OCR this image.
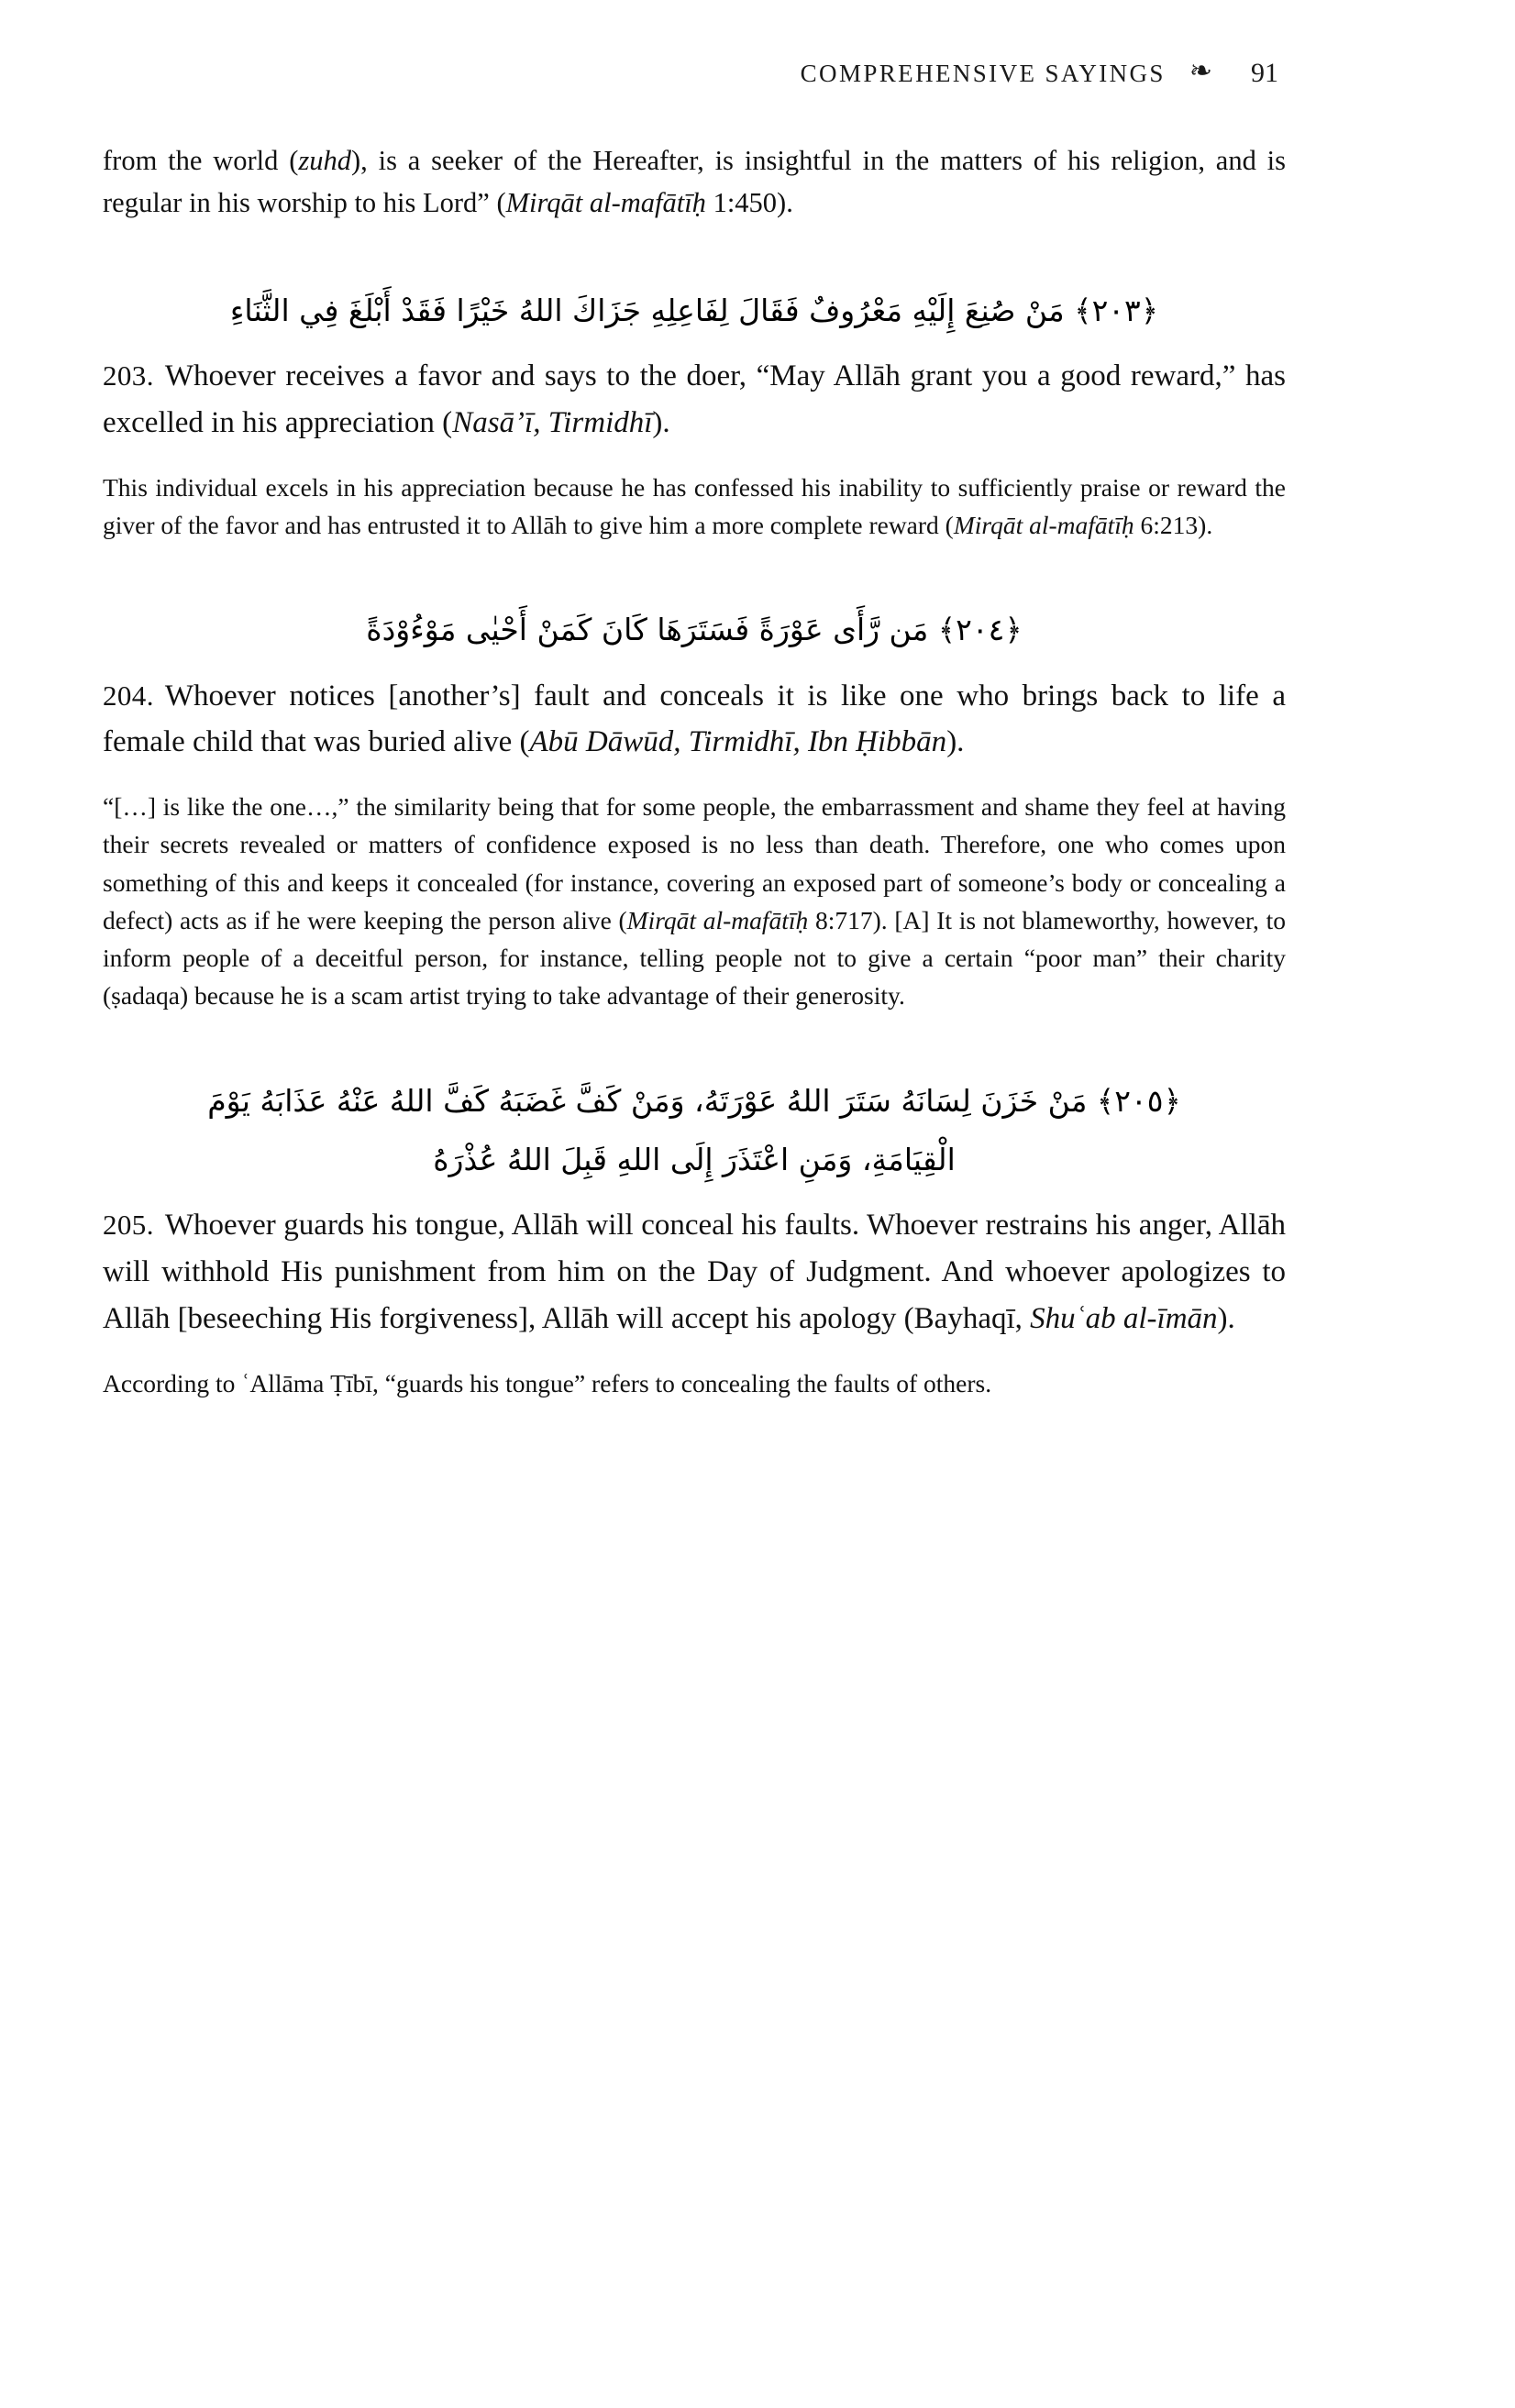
COMPREHENSIVE SAYINGS ❧	91

from the world (zuhd), is a seeker of the Hereafter, is insightful in the matters of his religion, and is regular in his worship to his Lord” (Mirqāt al-mafātīḥ 1:450).

﴿٢٠٣﴾ مَنْ صُنِعَ إِلَيْهِ مَعْرُوفٌ فَقَالَ لِفَاعِلِهِ جَزَاكَ اللهُ خَيْرًا فَقَدْ أَبْلَغَ فِي الثَّنَاءِ

203. Whoever receives a favor and says to the doer, “May Allāh grant you a good reward,” has excelled in his appreciation (Nasā’ī, Tirmidhī).

This individual excels in his appreciation because he has confessed his inability to sufficiently praise or reward the giver of the favor and has entrusted it to Allāh to give him a more complete reward (Mirqāt al-mafātīḥ 6:213).

﴿٢٠٤﴾ مَن رَّأَى عَوْرَةً فَسَتَرَهَا كَانَ كَمَنْ أَحْيٰى مَوْءُوْدَةً

204. Whoever notices [another’s] fault and conceals it is like one who brings back to life a female child that was buried alive (Abū Dāwūd, Tirmidhī, Ibn Ḥibbān).

“[…] is like the one…,” the similarity being that for some people, the embarrassment and shame they feel at having their secrets revealed or matters of confidence exposed is no less than death. Therefore, one who comes upon something of this and keeps it concealed (for instance, covering an exposed part of someone’s body or concealing a defect) acts as if he were keeping the person alive (Mirqāt al-mafātīḥ 8:717). [A] It is not blameworthy, however, to inform people of a deceitful person, for instance, telling people not to give a certain “poor man” their charity (ṣadaqa) because he is a scam artist trying to take advantage of their generosity.

﴿٢٠٥﴾ مَنْ خَزَنَ لِسَانَهُ سَتَرَ اللهُ عَوْرَتَهُ، وَمَنْ كَفَّ غَضَبَهُ كَفَّ اللهُ عَنْهُ عَذَابَهُ يَوْمَ

الْقِيَامَةِ، وَمَنِ اعْتَذَرَ إِلَى اللهِ قَبِلَ اللهُ عُذْرَهُ

205. Whoever guards his tongue, Allāh will conceal his faults. Whoever restrains his anger, Allāh will withhold His punishment from him on the Day of Judgment. And whoever apologizes to Allāh [beseeching His forgiveness], Allāh will accept his apology (Bayhaqī, Shuʿab al-īmān).

According to ʿAllāma Ṭībī, “guards his tongue” refers to concealing the faults of others.
